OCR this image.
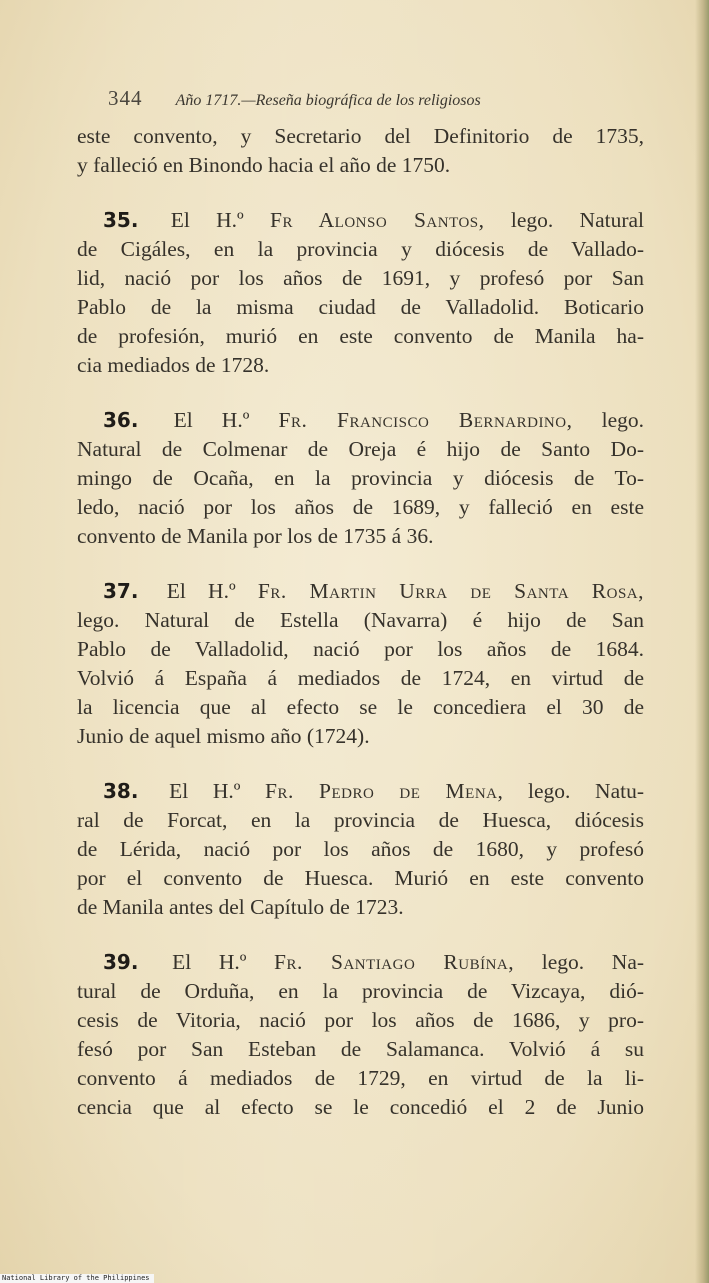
344 Año 1717.—Reseña biográfica de los religiosos
este convento, y Secretario del Definitorio de 1735,
y falleció en Binondo hacia el año de 1750.
35. El H.º Fr Alonso Santos, lego. Natural
de Cigáles, en la provincia y diócesis de Vallado-
lid, nació por los años de 1691, y profesó por San
Pablo de la misma ciudad de Valladolid. Boticario
de profesión, murió en este convento de Manila ha-
cia mediados de 1728.
36. El H.º Fr. Francisco Bernardino, lego.
Natural de Colmenar de Oreja é hijo de Santo Do-
mingo de Ocaña, en la provincia y diócesis de To-
ledo, nació por los años de 1689, y falleció en este
convento de Manila por los de 1735 á 36.
37. El H.º Fr. Martin Urra de Santa Rosa,
lego. Natural de Estella (Navarra) é hijo de San
Pablo de Valladolid, nació por los años de 1684.
Volvió á España á mediados de 1724, en virtud de
la licencia que al efecto se le concediera el 30 de
Junio de aquel mismo año (1724).
38. El H.º Fr. Pedro de Mena, lego. Natu-
ral de Forcat, en la provincia de Huesca, diócesis
de Lérida, nació por los años de 1680, y profesó
por el convento de Huesca. Murió en este convento
de Manila antes del Capítulo de 1723.
39. El H.º Fr. Santiago Rubína, lego. Na-
tural de Orduña, en la provincia de Vizcaya, dió-
cesis de Vitoria, nació por los años de 1686, y pro-
fesó por San Esteban de Salamanca. Volvió á su
convento á mediados de 1729, en virtud de la li-
cencia que al efecto se le concedió el 2 de Junio
National Library of the Philippines
